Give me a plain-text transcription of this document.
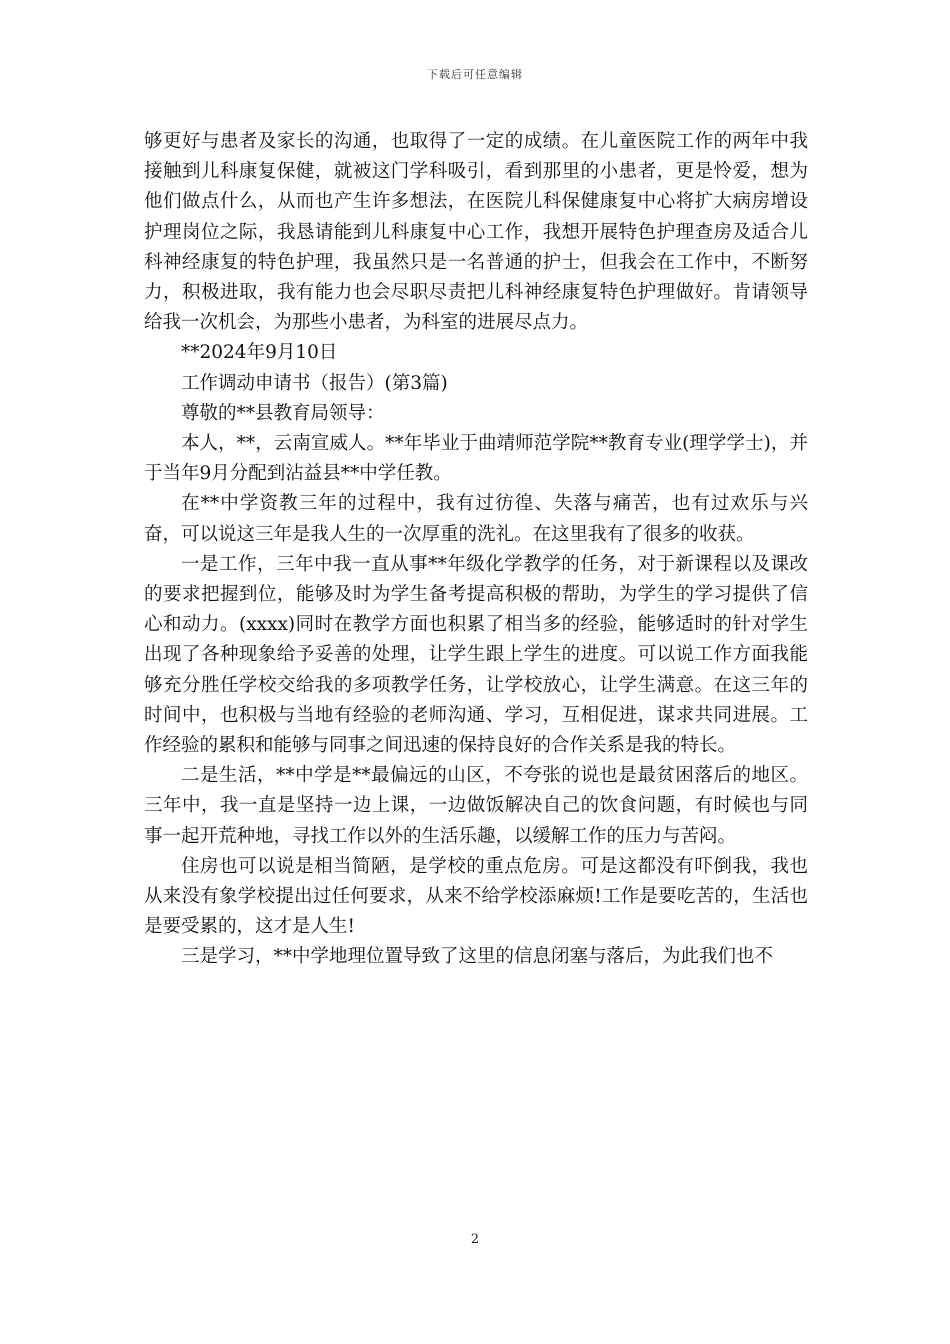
下载后可任意编辑

够更好与患者及家长的沟通，也取得了一定的成绩。在儿童医院工作的两年中我接触到儿科康复保健，就被这门学科吸引，看到那里的小患者，更是怜爱，想为他们做点什么，从而也产生许多想法，在医院儿科保健康复中心将扩大病房增设护理岗位之际，我恳请能到儿科康复中心工作，我想开展特色护理查房及适合儿科神经康复的特色护理，我虽然只是一名普通的护士，但我会在工作中，不断努力，积极进取，我有能力也会尽职尽责把儿科神经康复特色护理做好。肯请领导给我一次机会，为那些小患者，为科室的进展尽点力。

**2024年9月10日

工作调动申请书（报告）(第3篇)

尊敬的**县教育局领导：

本人，**，云南宣威人。**年毕业于曲靖师范学院**教育专业(理学学士)，并于当年9月分配到沾益县**中学任教。

在**中学资教三年的过程中，我有过彷徨、失落与痛苦，也有过欢乐与兴奋，可以说这三年是我人生的一次厚重的洗礼。在这里我有了很多的收获。

一是工作，三年中我一直从事**年级化学教学的任务，对于新课程以及课改的要求把握到位，能够及时为学生备考提高积极的帮助，为学生的学习提供了信心和动力。(xxxx)同时在教学方面也积累了相当多的经验，能够适时的针对学生出现了各种现象给予妥善的处理，让学生跟上学生的进度。可以说工作方面我能够充分胜任学校交给我的多项教学任务，让学校放心，让学生满意。在这三年的时间中，也积极与当地有经验的老师沟通、学习，互相促进，谋求共同进展。工作经验的累积和能够与同事之间迅速的保持良好的合作关系是我的特长。

二是生活，**中学是**最偏远的山区，不夸张的说也是最贫困落后的地区。三年中，我一直是坚持一边上课，一边做饭解决自己的饮食问题，有时候也与同事一起开荒种地，寻找工作以外的生活乐趣，以缓解工作的压力与苦闷。

住房也可以说是相当简陋，是学校的重点危房。可是这都没有吓倒我，我也从来没有象学校提出过任何要求，从来不给学校添麻烦!工作是要吃苦的，生活也是要受累的，这才是人生!

三是学习，**中学地理位置导致了这里的信息闭塞与落后，为此我们也不

2
